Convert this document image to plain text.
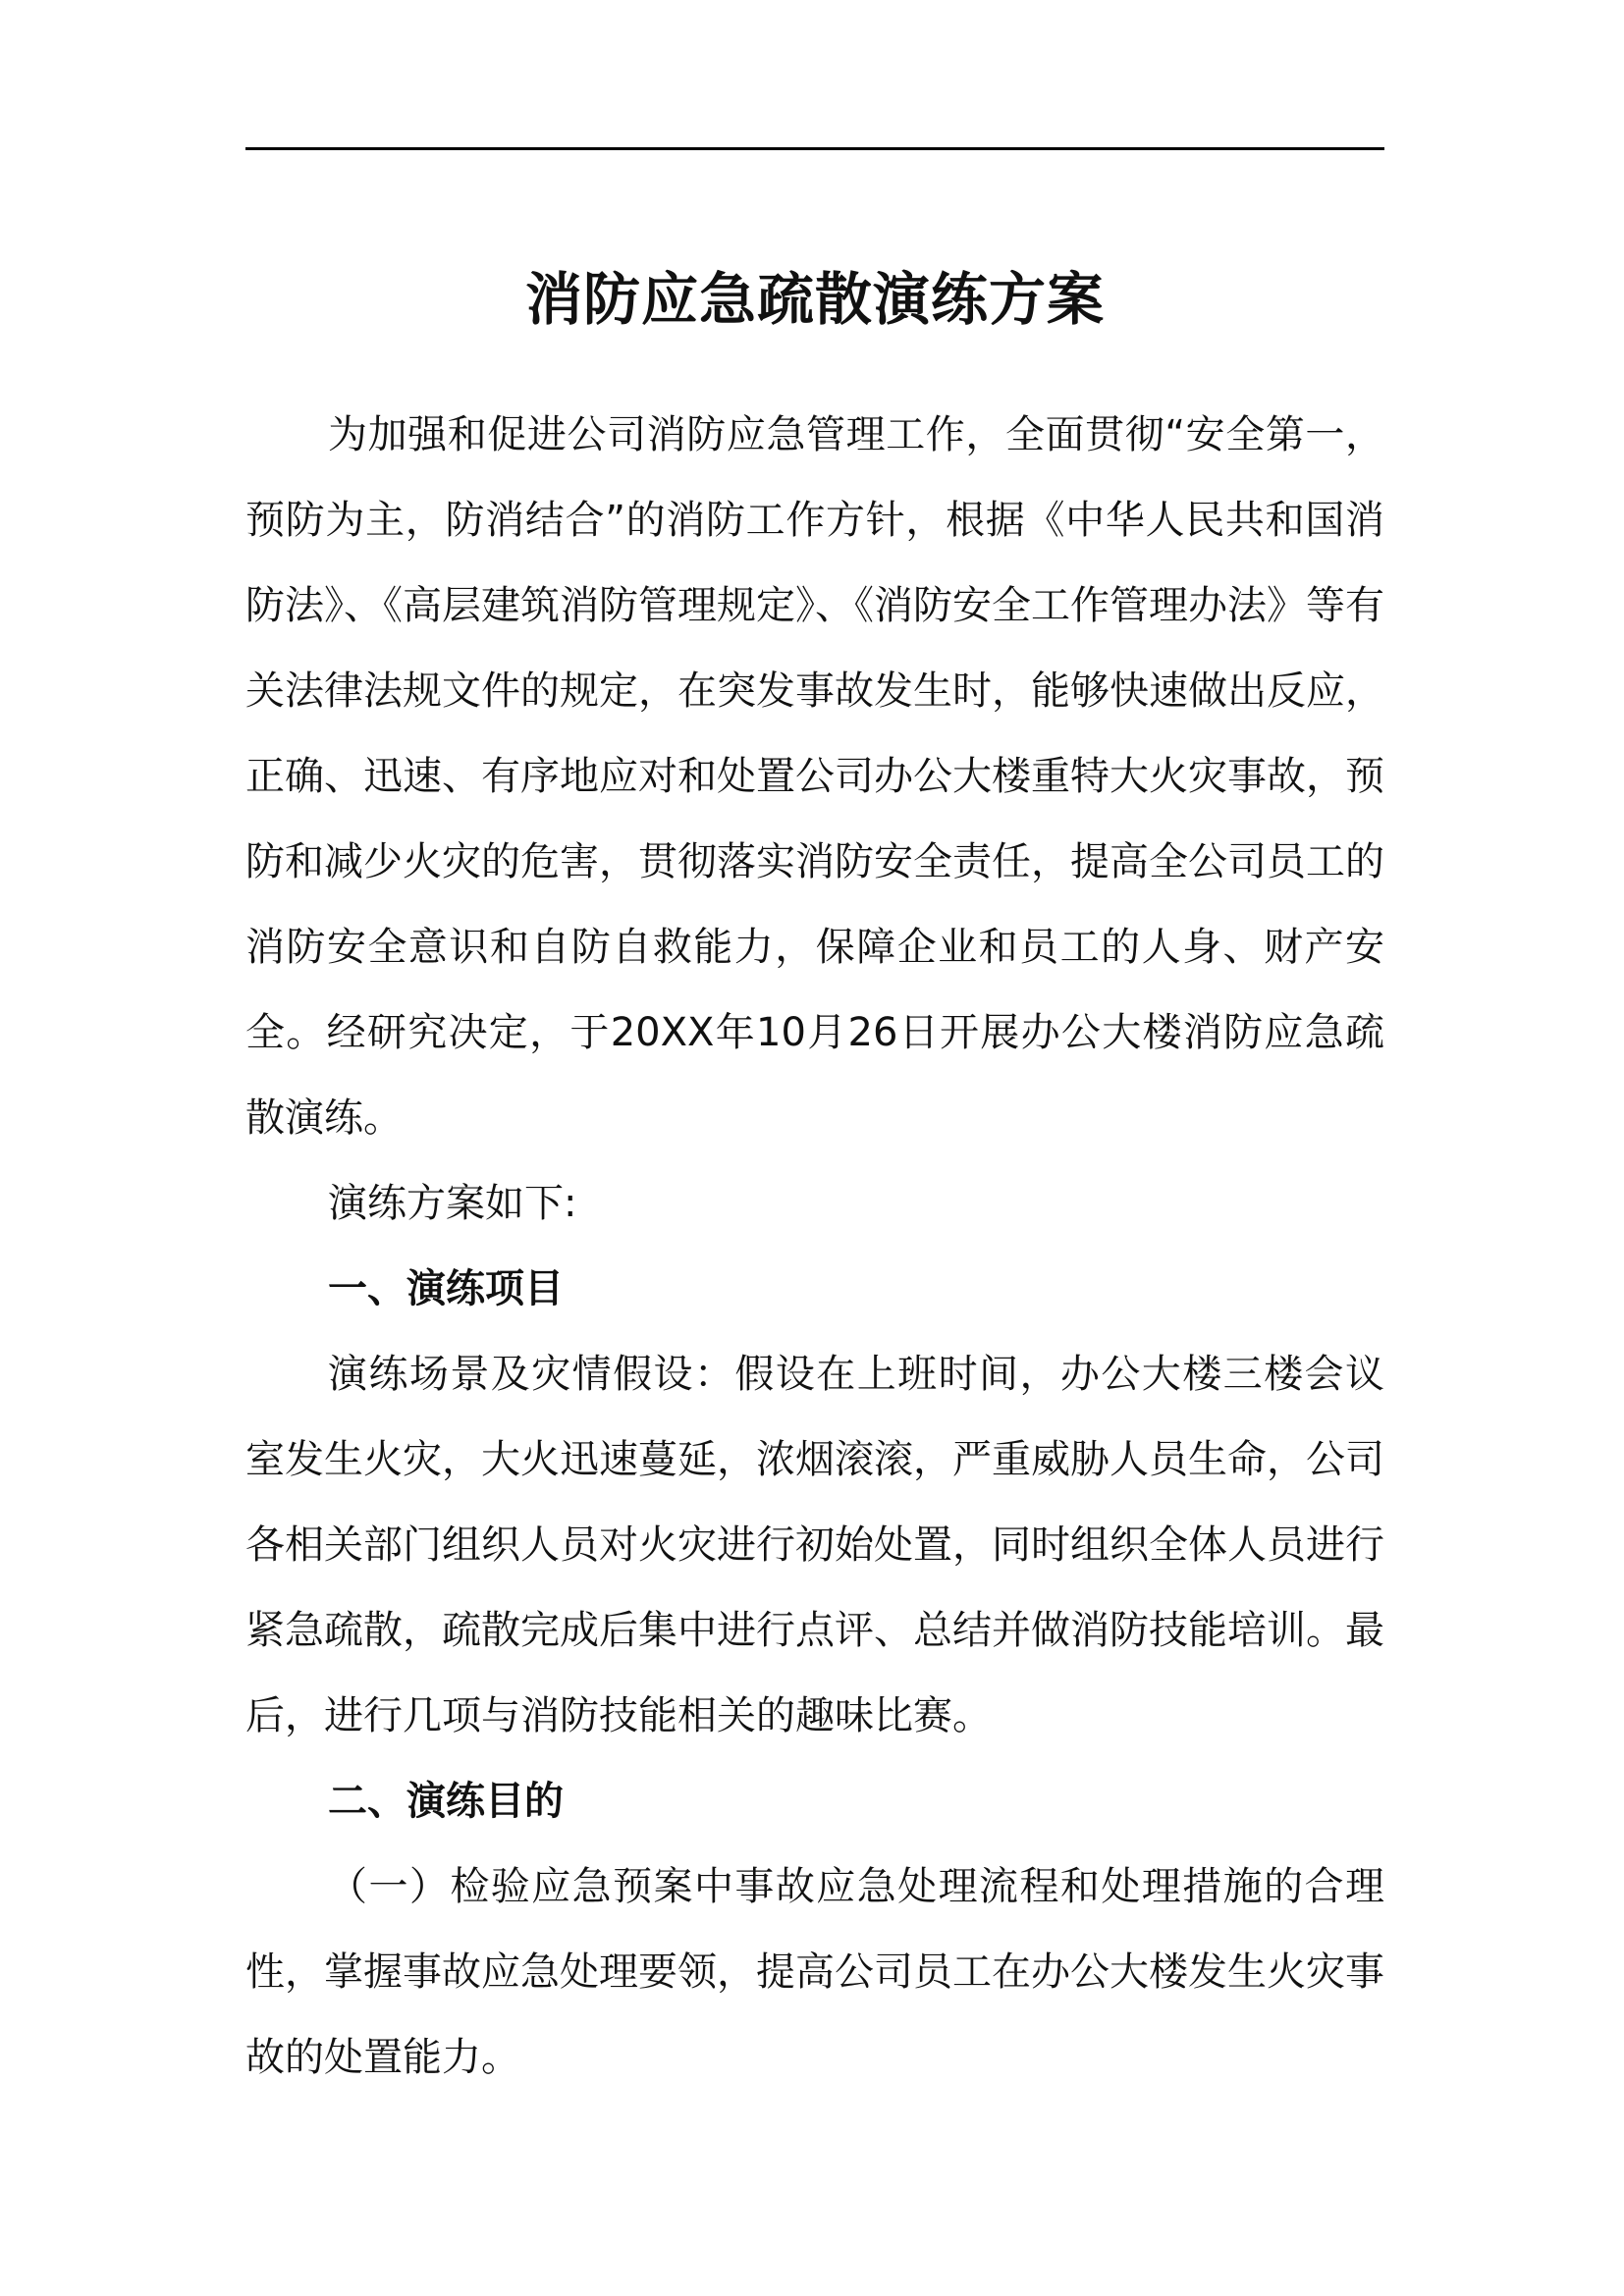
消防应急疏散演练方案

为加强和促进公司消防应急管理工作，全面贯彻“安全第一，预防为主，防消结合”的消防工作方针，根据《中华人民共和国消防法》、《高层建筑消防管理规定》、《消防安全工作管理办法》等有关法律法规文件的规定，在突发事故发生时，能够快速做出反应，正确、迅速、有序地应对和处置公司办公大楼重特大火灾事故，预防和减少火灾的危害，贯彻落实消防安全责任，提高全公司员工的消防安全意识和自防自救能力，保障企业和员工的人身、财产安全。经研究决定，于20XX年10月26日开展办公大楼消防应急疏散演练。

演练方案如下:

一、演练项目

演练场景及灾情假设：假设在上班时间，办公大楼三楼会议室发生火灾，大火迅速蔓延，浓烟滚滚，严重威胁人员生命，公司各相关部门组织人员对火灾进行初始处置，同时组织全体人员进行紧急疏散，疏散完成后集中进行点评、总结并做消防技能培训。最后，进行几项与消防技能相关的趣味比赛。

二、演练目的

（一）检验应急预案中事故应急处理流程和处理措施的合理性，掌握事故应急处理要领，提高公司员工在办公大楼发生火灾事故的处置能力。
